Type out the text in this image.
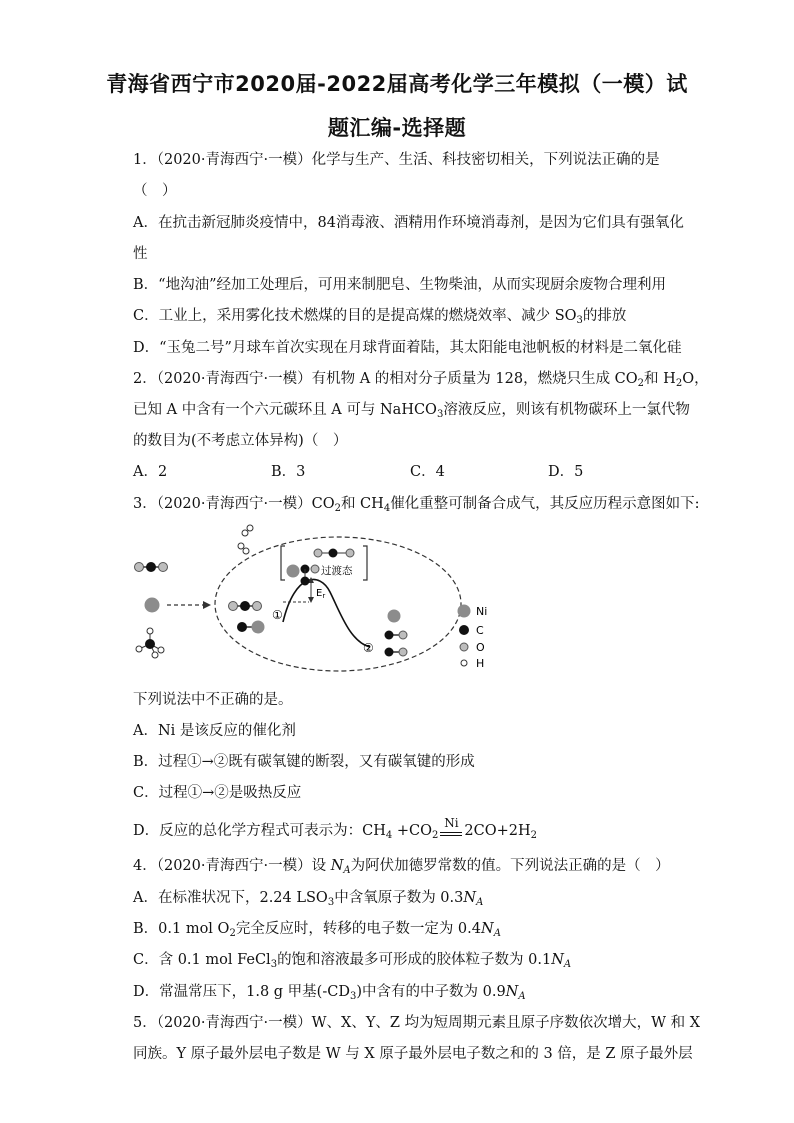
青海省西宁市2020届-2022届高考化学三年模拟（一模）试
题汇编-选择题
1．（2020·青海西宁·一模）化学与生产、生活、科技密切相关，下列说法正确的是
（　）
A．在抗击新冠肺炎疫情中，84消毒液、酒精用作环境消毒剂，是因为它们具有强氧化
性
B．“地沟油”经加工处理后，可用来制肥皂、生物柴油，从而实现厨余废物合理利用
C．工业上，采用雾化技术燃煤的目的是提高煤的燃烧效率、减少 $SO_3$的排放
D．“玉兔二号”月球车首次实现在月球背面着陆，其太阳能电池帆板的材料是二氧化硅
2．（2020·青海西宁·一模）有机物 A 的相对分子质量为 128，燃烧只生成 $CO_2$和 $H_2O$，
已知 A 中含有一个六元碳环且 A 可与 NaHCO$_3$溶液反应，则该有机物碳环上一氯代物
的数目为(不考虑立体异构)（　）
A．2	B．3	C．4	D．5
3．（2020·青海西宁·一模）$CO_2$和 $CH_4$催化重整可制备合成气，其反应历程示意图如下:
$E_r$
过渡态
①
②
Ni
C
O
H
下列说法中不正确的是。
A．Ni 是该反应的催化剂
B．过程①→②既有碳氧键的断裂，又有碳氧键的形成
C．过程①→②是吸热反应
D．反应的总化学方程式可表示为：$CH_4 +CO_2$
Ni $2CO+2H_2$
4．（2020·青海西宁·一模）设 $N_A$为阿伏加德罗常数的值。下列说法正确的是（　）
A．在标准状况下，2.24 $LSO_3$中含氧原子数为 $0.3N_A$
B．0.1 mol $O_2$完全反应时，转移的电子数一定为 $0.4N_A$
C．含 0.1 mol FeCl$_3$的饱和溶液最多可形成的胶体粒子数为 $0.1N_A$
D．常温常压下，1.8 g 甲基$(-CD_3)$中含有的中子数为 $0.9N_A$
5．（2020·青海西宁·一模）W、X、Y、Z 均为短周期元素且原子序数依次增大，W 和 X
同族。Y 原子最外层电子数是 W 与 X 原子最外层电子数之和的 3 倍，是 Z 原子最外层
